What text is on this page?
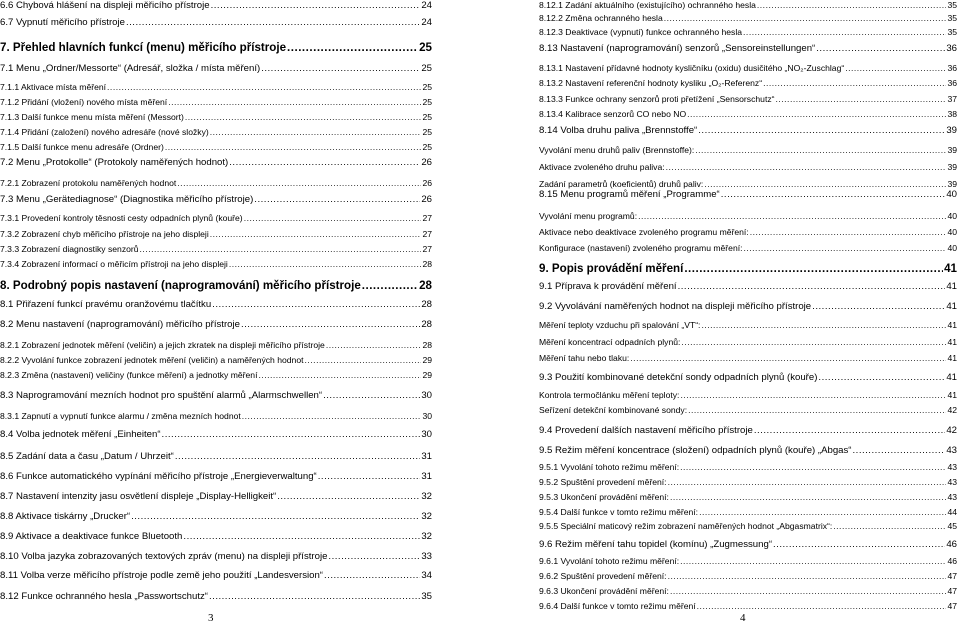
6.6 Chybová hlášení na displeji měřicího přístroje .....	24
6.7 Vypnutí měřicího přístroje .....	24
7. Přehled hlavních funkcí (menu) měřicího přístroje .....	25
7.1 Menu „Ordner/Messorte“ (Adresář, složka / místa měření) .....	25
7.1.1 Aktivace místa měření .....	25
7.1.2 Přidání (vložení) nového místa měření .....	25
7.1.3 Další funkce menu místa měření (Messort) .....	25
7.1.4 Přidání (založení) nového adresáře (nové složky) .....	25
7.1.5 Další funkce menu adresáře (Ordner) .....	25
7.2 Menu „Protokolle“ (Protokoly naměřených hodnot) .....	26
7.2.1 Zobrazení protokolu naměřených hodnot .....	26
7.3 Menu „Gerätediagnose“ (Diagnostika měřicího přístroje) .....	26
7.3.1 Provedení kontroly těsnosti cesty odpadních plynů (kouře) .....	27
7.3.2 Zobrazení chyb měřicího přístroje na jeho displeji .....	27
7.3.3 Zobrazení diagnostiky senzorů .....	27
7.3.4 Zobrazení informací o měřicím přístroji na jeho displeji .....	28
8. Podrobný popis nastavení (naprogramování) měřicího přístroje .....	28
8.1 Přiřazení funkcí pravému oranžovému tlačítku .....	28
8.2 Menu nastavení (naprogramování) měřicího přístroje .....	28
8.2.1 Zobrazení jednotek měření (veličin) a jejich zkratek na displeji měřicího přístroje .....	28
8.2.2 Vyvolání funkce zobrazení jednotek měření (veličin) a naměřených hodnot .....	29
8.2.3 Změna (nastavení) veličiny (funkce měření) a jednotky měření .....	29
8.3 Naprogramování mezních hodnot pro spuštění alarmů „Alarmschwellen“ .....	30
8.3.1 Zapnutí a vypnutí funkce alarmu / změna mezních hodnot .....	30
8.4 Volba jednotek měření „Einheiten“ .....	30
8.5 Zadání data a času „Datum / Uhrzeit“ .....	31
8.6 Funkce automatického vypínání měřicího přístroje „Energieverwaltung“ .....	31
8.7 Nastavení intenzity jasu osvětlení displeje „Display-Helligkeit“ .....	32
8.8 Aktivace tiskárny „Drucker“ .....	32
8.9 Aktivace a deaktivace funkce Bluetooth .....	32
8.10 Volba jazyka zobrazovaných textových zpráv (menu) na displeji přístroje .....	33
8.11 Volba verze měřicího přístroje podle země jeho použití „Landesversion“ .....	34
8.12 Funkce ochranného hesla „Passwortschutz“ .....	35
8.12.1 Zadání aktuálního (existujícího) ochranného hesla .....	35
8.12.2 Změna ochranného hesla .....	35
8.12.3 Deaktivace (vypnutí) funkce ochranného hesla .....	35
8.13 Nastavení (naprogramování) senzorů „Sensoreinstellungen“ .....	36
8.13.1 Nastavení přídavné hodnoty kysličníku (oxidu) dusičitého „NO₂-Zuschlag“ .....	36
8.13.2 Nastavení referenční hodnoty kysliku „O₂-Referenz“ .....	36
8.13.3 Funkce ochrany senzorů proti přetížení „Sensorschutz“ .....	37
8.13.4 Kalibrace senzorů CO nebo NO .....	38
8.14 Volba druhu paliva „Brennstoffe“ .....	39
Vyvolání menu druhů paliv (Brennstoffe): .....	39
Aktivace zvoleného druhu paliva: .....	39
Zadání parametrů (koeficientů) druhů paliv: .....	39
8.15 Menu programů měření „Programme“ .....	40
Vyvolání menu programů: .....	40
Aktivace nebo deaktivace zvoleného programu měření: .....	40
Konfigurace (nastavení) zvoleného programu měření: .....	40
9. Popis provádění měření .....	41
9.1 Příprava k provádění měření .....	41
9.2 Vyvolávání naměřených hodnot na displeji měřicího přístroje .....	41
Měření teploty vzduchu při spalování „VT“: .....	41
Měření koncentrací odpadních plynů: .....	41
Měření tahu nebo tlaku: .....	41
9.3 Použití kombinované detekční sondy odpadních plynů (kouře) .....	41
Kontrola termočlánku měření teploty: .....	41
Seřízení detekční kombinované sondy: .....	42
9.4 Provedení dalších nastavení měřicího přístroje .....	42
9.5 Režim měření koncentrace (složení) odpadních plynů (kouře) „Abgas“ .....	43
9.5.1 Vyvolání tohoto režimu měření: .....	43
9.5.2 Spuštění provedení měření: .....	43
9.5.3 Ukončení provádění měření: .....	43
9.5.4 Další funkce v tomto režimu měření: .....	44
9.5.5 Speciální maticový režim zobrazení naměřených hodnot „Abgasmatrix“: .....	45
9.6 Režim měření tahu topidel (komínu) „Zugmessung“ .....	46
9.6.1 Vyvolání tohoto režimu měření: .....	46
9.6.2 Spuštění provedení měření: .....	47
9.6.3 Ukončení provádění měření: .....	47
9.6.4 Další funkce v tomto režimu měření .....	47
3	4
